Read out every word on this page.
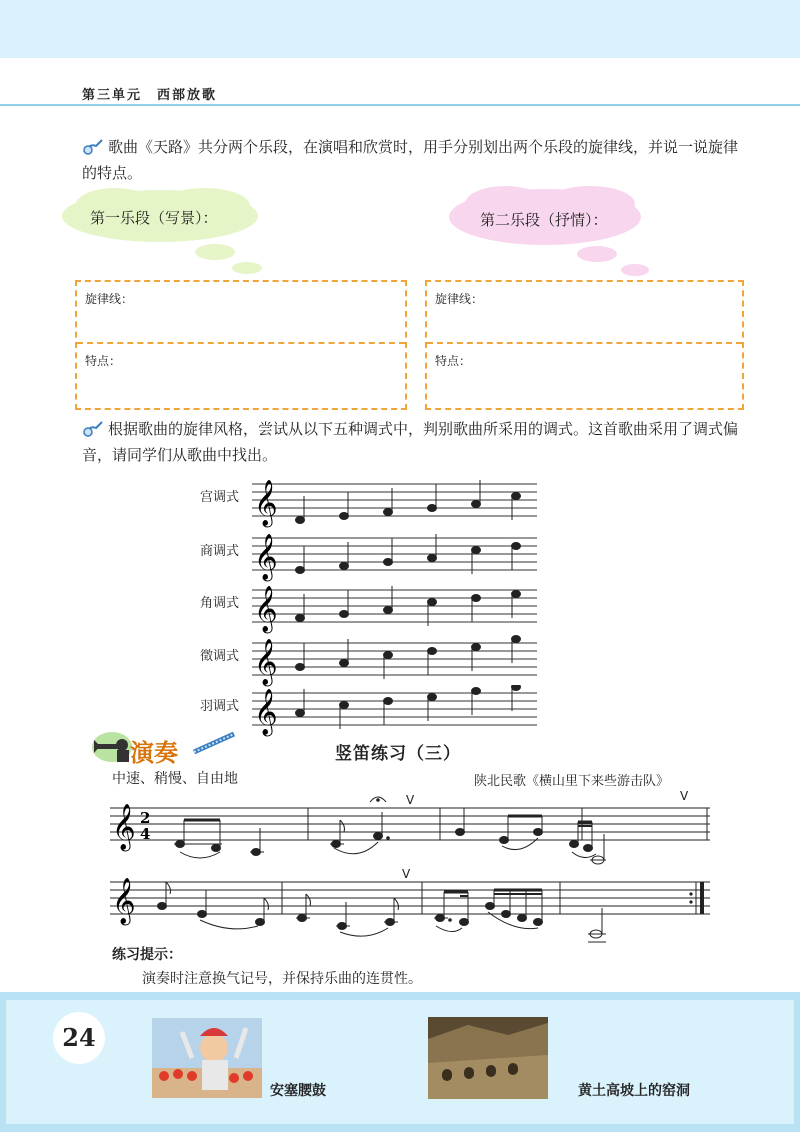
第三单元　西部放歌
歌曲《天路》共分两个乐段，在演唱和欣赏时，用手分别划出两个乐段的旋律线，并说一说旋律的特点。
第一乐段（写景）：	第二乐段（抒情）：
旋律线：
特点：
旋律线：
特点：
根据歌曲的旋律风格，尝试从以下五种调式中，判别歌曲所采用的调式。这首歌曲采用了调式偏音，请同学们从歌曲中找出。
宫调式 𝄞
商调式 𝄞
角调式 𝄞
徵调式 𝄞
羽调式 𝄞
演奏	竖笛练习（三）
中速、稍慢、自由地	陕北民歌《横山里下来些游击队》
𝄞 2
4
V	V
𝄞
V
练习提示：
演奏时注意换气记号，并保持乐曲的连贯性。
24
安塞腰鼓	黄土高坡上的窑洞
